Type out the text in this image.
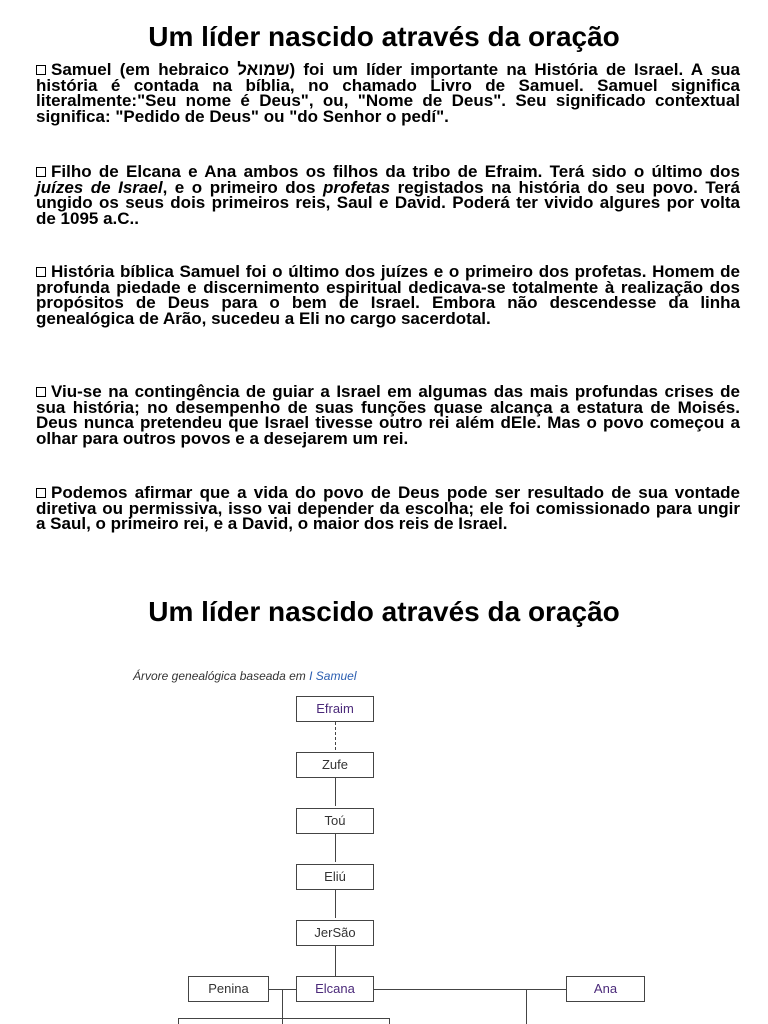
Um líder nascido através da oração

Samuel (em hebraico שמואל) foi um líder importante na História de Israel. A sua história é contada na bíblia, no chamado Livro de Samuel. Samuel significa literalmente:"Seu nome é Deus", ou, "Nome de Deus". Seu significado contextual significa: "Pedido de Deus" ou "do Senhor o pedí".

Filho de Elcana e Ana ambos os filhos da tribo de Efraim. Terá sido o último dos juízes de Israel, e o primeiro dos profetas registados na história do seu povo. Terá ungido os seus dois primeiros reis, Saul e David. Poderá ter vivido algures por volta de 1095 a.C..

História bíblica Samuel foi o último dos juízes e o primeiro dos profetas. Homem de profunda piedade e discernimento espiritual dedicava-se totalmente à realização dos propósitos de Deus para o bem de Israel. Embora não descendesse da linha genealógica de Arão, sucedeu a Eli no cargo sacerdotal.

Viu-se na contingência de guiar a Israel em algumas das mais profundas crises de sua história; no desempenho de suas funções quase alcança a estatura de Moisés. Deus nunca pretendeu que Israel tivesse outro rei além dEle. Mas o povo começou a olhar para outros povos e a desejarem um rei.

Podemos afirmar que a vida do povo de Deus pode ser resultado de sua vontade diretiva ou permissiva, isso vai depender da escolha; ele foi comissionado para ungir a Saul, o primeiro rei, e a David, o maior dos reis de Israel.

Um líder nascido através da oração
Árvore genealógica baseada em I Samuel
Efraim
Zufe
Toú
Eliú
JerSão
Penina	Elcana	Ana
